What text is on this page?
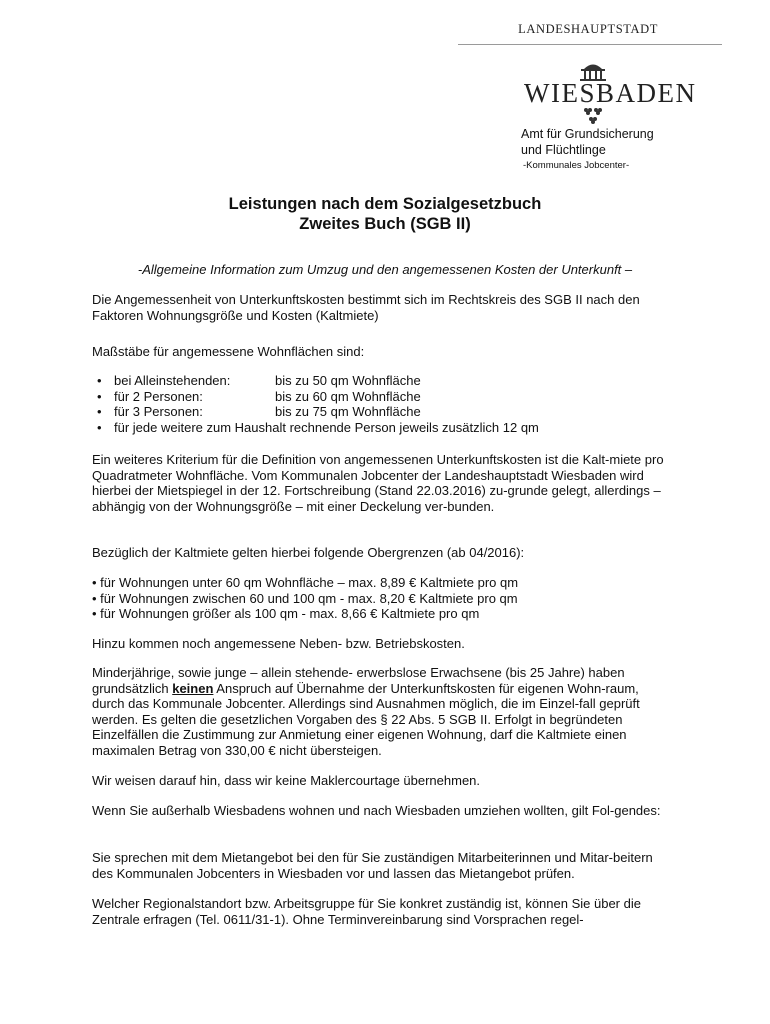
LANDESHAUPTSTADT
WIESBADEN
Amt für Grundsicherung
und Flüchtlinge
-Kommunales Jobcenter-
Leistungen nach dem Sozialgesetzbuch
Zweites Buch (SGB II)
-Allgemeine Information zum Umzug und den angemessenen Kosten der Unterkunft –

Die Angemessenheit von Unterkunftskosten bestimmt sich im Rechtskreis des SGB II nach den Faktoren Wohnungsgröße und Kosten (Kaltmiete)

Maßstäbe für angemessene Wohnflächen sind:

• bei Alleinstehenden:	bis zu 50 qm Wohnfläche
• für 2 Personen:	bis zu 60 qm Wohnfläche
• für 3 Personen:	bis zu 75 qm Wohnfläche
• für jede weitere zum Haushalt rechnende Person jeweils zusätzlich 12 qm

Ein weiteres Kriterium für die Definition von angemessenen Unterkunftskosten ist die Kalt-miete pro Quadratmeter Wohnfläche. Vom Kommunalen Jobcenter der Landeshauptstadt Wiesbaden wird hierbei der Mietspiegel in der 12. Fortschreibung (Stand 22.03.2016) zu-grunde gelegt, allerdings – abhängig von der Wohnungsgröße – mit einer Deckelung ver-bunden.

Bezüglich der Kaltmiete gelten hierbei folgende Obergrenzen (ab 04/2016):

• für Wohnungen unter 60 qm Wohnfläche – max. 8,89 € Kaltmiete pro qm

• für Wohnungen zwischen 60 und 100 qm - max. 8,20 € Kaltmiete pro qm

• für Wohnungen größer als 100 qm - max. 8,66 € Kaltmiete pro qm

Hinzu kommen noch angemessene Neben- bzw. Betriebskosten.

Minderjährige, sowie junge – allein stehende- erwerbslose Erwachsene (bis 25 Jahre) haben grundsätzlich keinen Anspruch auf Übernahme der Unterkunftskosten für eigenen Wohn-raum, durch das Kommunale Jobcenter. Allerdings sind Ausnahmen möglich, die im Einzel-fall geprüft werden. Es gelten die gesetzlichen Vorgaben des § 22 Abs. 5 SGB II. Erfolgt in begründeten Einzelfällen die Zustimmung zur Anmietung einer eigenen Wohnung, darf die Kaltmiete einen maximalen Betrag von 330,00 € nicht übersteigen.

Wir weisen darauf hin, dass wir keine Maklercourtage übernehmen.

Wenn Sie außerhalb Wiesbadens wohnen und nach Wiesbaden umziehen wollten, gilt Fol-gendes:

Sie sprechen mit dem Mietangebot bei den für Sie zuständigen Mitarbeiterinnen und Mitar-beitern des Kommunalen Jobcenters in Wiesbaden vor und lassen das Mietangebot prüfen.

Welcher Regionalstandort bzw. Arbeitsgruppe für Sie konkret zuständig ist, können Sie über die Zentrale erfragen (Tel. 0611/31-1). Ohne Terminvereinbarung sind Vorsprachen regel-
